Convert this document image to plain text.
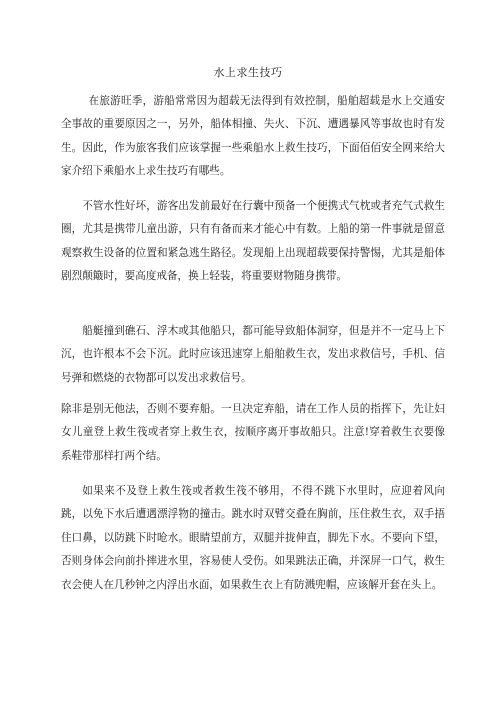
水上求生技巧

在旅游旺季，游船常常因为超载无法得到有效控制，船舶超载是水上交通安全事故的重要原因之一，另外，船体相撞、失火、下沉、遭遇暴风等事故也时有发生。因此，作为旅客我们应该掌握一些乘船水上救生技巧，下面佰佰安全网来给大家介绍下乘船水上求生技巧有哪些。

不管水性好坏，游客出发前最好在行囊中预备一个便携式气枕或者充气式救生圈，尤其是携带儿童出游，只有有备而来才能心中有数。上船的第一件事就是留意观察救生设备的位置和紧急逃生路径。发现船上出现超载要保持警惕，尤其是船体剧烈颠簸时，要高度戒备，换上轻装，将重要财物随身携带。

船艇撞到礁石、浮木或其他船只，都可能导致船体洞穿，但是并不一定马上下沉，也许根本不会下沉。此时应该迅速穿上船舶救生衣，发出求救信号，手机、信号弹和燃烧的衣物都可以发出求救信号。

除非是别无他法，否则不要弃船。一旦决定弃船，请在工作人员的指挥下，先让妇女儿童登上救生筏或者穿上救生衣，按顺序离开事故船只。注意!穿着救生衣要像系鞋带那样打两个结。

如果来不及登上救生筏或者救生筏不够用，不得不跳下水里时，应迎着风向跳，以免下水后遭遇漂浮物的撞击。跳水时双臂交叠在胸前，压住救生衣，双手捂住口鼻，以防跳下时呛水。眼睛望前方，双腿并拢伸直，脚先下水。不要向下望，否则身体会向前扑摔进水里，容易使人受伤。如果跳法正确，并深屏一口气，救生衣会使人在几秒钟之内浮出水面，如果救生衣上有防溅兜帽，应该解开套在头上。
